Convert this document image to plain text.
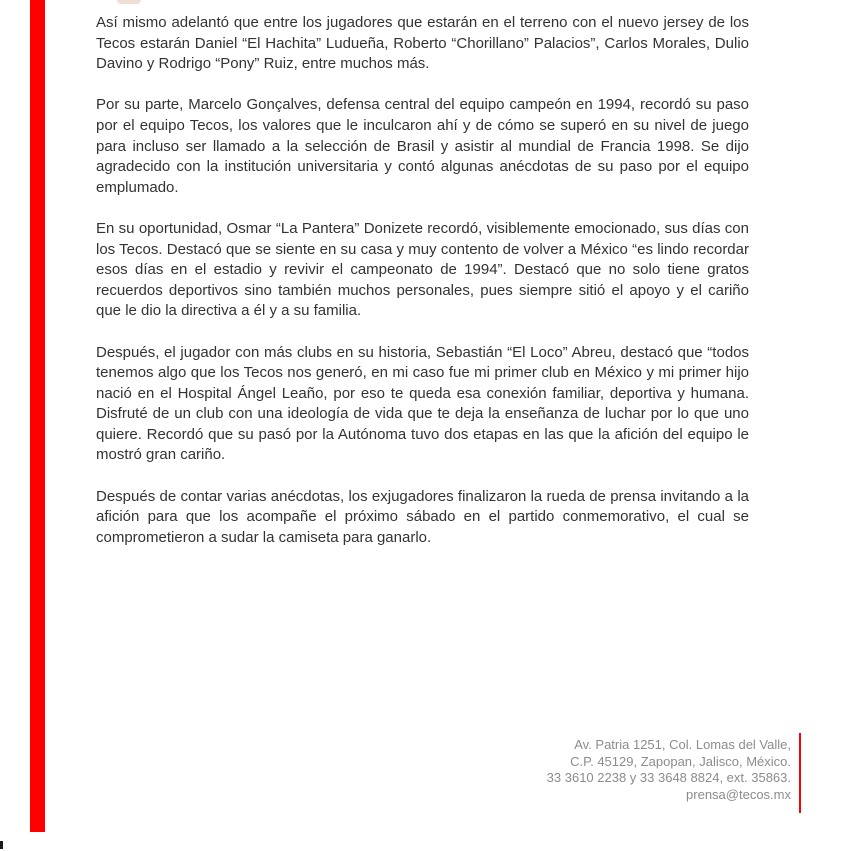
Así mismo adelantó que entre los jugadores que estarán en el terreno con el nuevo jersey de los Tecos estarán Daniel “El Hachita” Ludueña, Roberto “Chorillano” Palacios”, Carlos Morales, Dulio Davino y Rodrigo “Pony” Ruiz, entre muchos más.

Por su parte, Marcelo Gonçalves, defensa central del equipo campeón en 1994, recordó su paso por el equipo Tecos, los valores que le inculcaron ahí y de cómo se superó en su nivel de juego para incluso ser llamado a la selección de Brasil y asistir al mundial de Francia 1998. Se dijo agradecido con la institución universitaria y contó algunas anécdotas de su paso por el equipo emplumado.

En su oportunidad, Osmar “La Pantera” Donizete recordó, visiblemente emocionado, sus días con los Tecos. Destacó que se siente en su casa y muy contento de volver a México “es lindo recordar esos días en el estadio y revivir el campeonato de 1994”. Destacó que no solo tiene gratos recuerdos deportivos sino también muchos personales, pues siempre sitió el apoyo y el cariño que le dio la directiva a él y a su familia.

Después, el jugador con más clubs en su historia, Sebastián “El Loco” Abreu, destacó que “todos tenemos algo que los Tecos nos generó, en mi caso fue mi primer club en México y mi primer hijo nació en el Hospital Ángel Leaño, por eso te queda esa conexión familiar, deportiva y humana. Disfruté de un club con una ideología de vida que te deja la enseñanza de luchar por lo que uno quiere. Recordó que su pasó por la Autónoma tuvo dos etapas en las que la afición del equipo le mostró gran cariño.

Después de contar varias anécdotas, los exjugadores finalizaron la rueda de prensa invitando a la afición para que los acompañe el próximo sábado en el partido conmemorativo, el cual se comprometieron a sudar la camiseta para ganarlo.

Av. Patria 1251, Col. Lomas del Valle,
C.P. 45129, Zapopan, Jalisco, México.
33 3610 2238 y 33 3648 8824, ext. 35863.
prensa@tecos.mx
